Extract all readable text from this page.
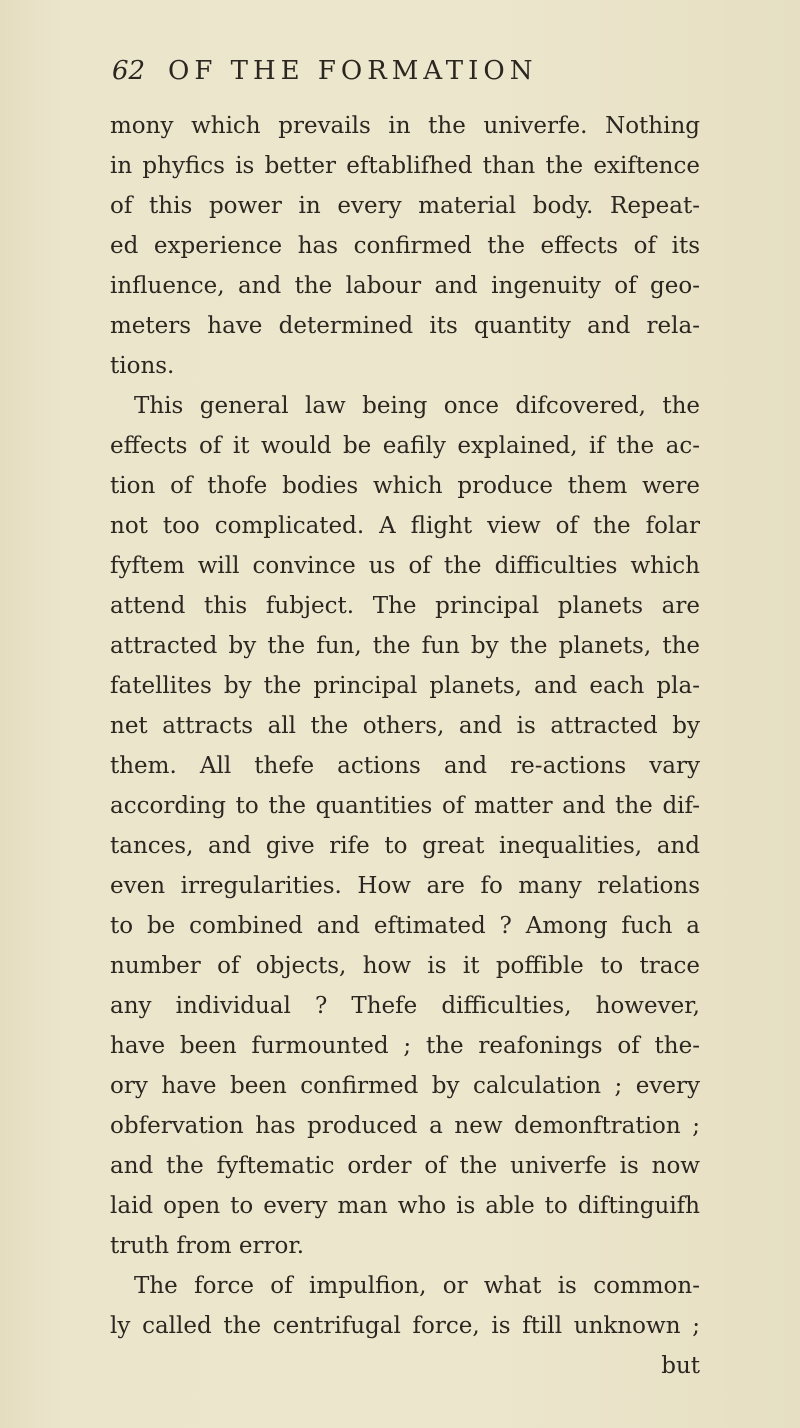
62 OF THE FORMATION
mony which prevails in the univerfe. Nothing
in phyfics is better eftablifhed than the exiftence
of this power in every material body. Repeat-
ed experience has confirmed the effects of its
influence, and the labour and ingenuity of geo-
meters have determined its quantity and rela-
tions.
This general law being once difcovered, the
effects of it would be eafily explained, if the ac-
tion of thofe bodies which produce them were
not too complicated. A flight view of the folar
fyftem will convince us of the difficulties which
attend this fubject. The principal planets are
attracted by the fun, the fun by the planets, the
fatellites by the principal planets, and each pla-
net attracts all the others, and is attracted by
them. All thefe actions and re-actions vary
according to the quantities of matter and the dif-
tances, and give rife to great inequalities, and
even irregularities. How are fo many relations
to be combined and eftimated ? Among fuch a
number of objects, how is it poffible to trace
any individual ? Thefe difficulties, however,
have been furmounted ; the reafonings of the-
ory have been confirmed by calculation ; every
obfervation has produced a new demonftration ;
and the fyftematic order of the univerfe is now
laid open to every man who is able to diftinguifh
truth from error.
The force of impulfion, or what is common-
ly called the centrifugal force, is ftill unknown ;
but
